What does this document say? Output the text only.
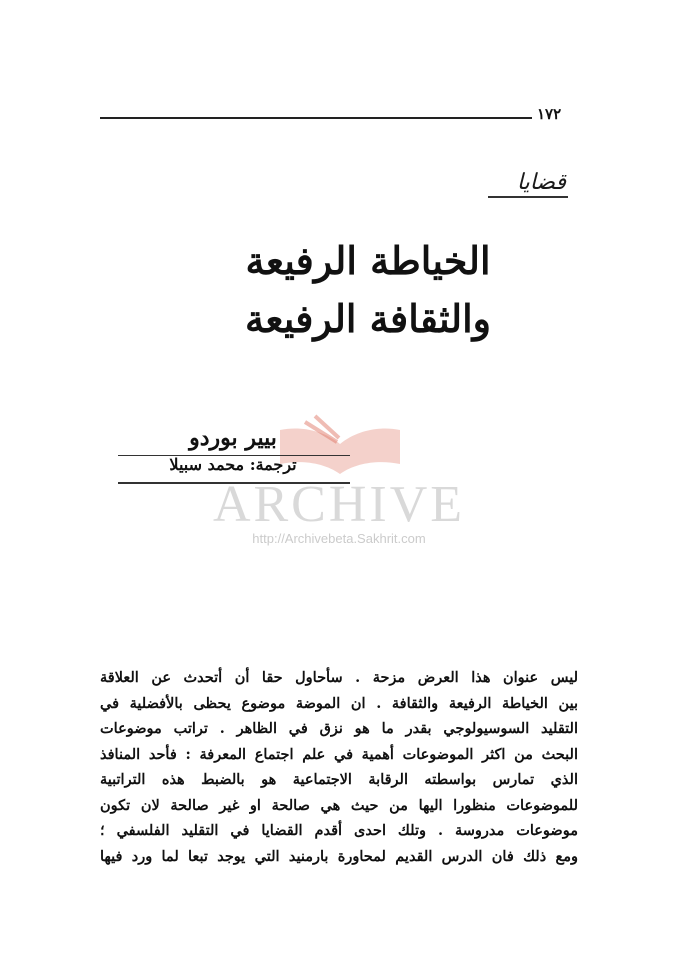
١٧٢
قضايا
الخياطة الرفيعة
والثقافة الرفيعة
بيير بوردو
ترجمة: محمد سبيلا
ARCHIVE
http://Archivebeta.Sakhrit.com
ليس عنوان هذا العرض مزحة . سأحاول حقا أن أتحدث عن العلاقة
بين الخياطة الرفيعة والثقافة . ان الموضة موضوع يحظى بالأفضلية في
التقليد السوسيولوجي بقدر ما هو نزق في الظاهر . تراتب موضوعات
البحث من اكثر الموضوعات أهمية في علم اجتماع المعرفة : فأحد المنافذ
الذي تمارس بواسطته الرقابة الاجتماعية هو بالضبط هذه التراتبية
للموضوعات منظورا اليها من حيث هي صالحة او غير صالحة لان تكون
موضوعات مدروسة . وتلك احدى أقدم القضايا في التقليد الفلسفي ؛
ومع ذلك فان الدرس القديم لمحاورة بارمنيد التي يوجد تبعا لما ورد فيها
